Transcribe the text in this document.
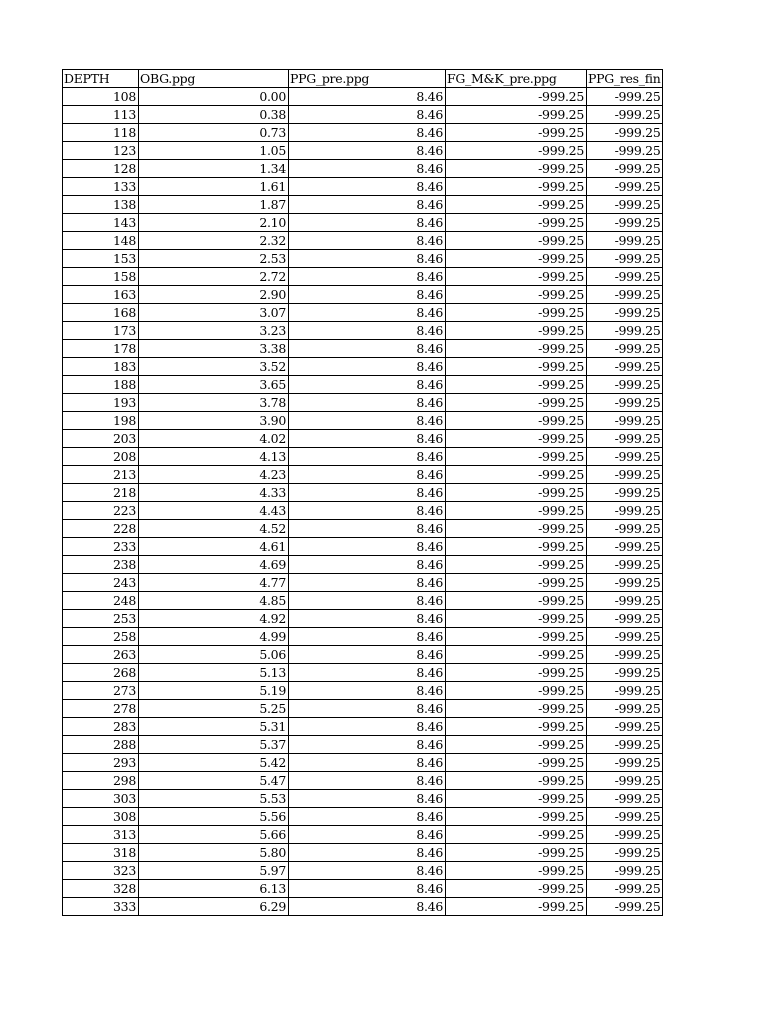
DEPTH	OBG.ppg	PPG_pre.ppg	FG_M&K_pre.ppg	PPG_res_fin
108	0.00	8.46	-999.25	-999.25
113	0.38	8.46	-999.25	-999.25
118	0.73	8.46	-999.25	-999.25
123	1.05	8.46	-999.25	-999.25
128	1.34	8.46	-999.25	-999.25
133	1.61	8.46	-999.25	-999.25
138	1.87	8.46	-999.25	-999.25
143	2.10	8.46	-999.25	-999.25
148	2.32	8.46	-999.25	-999.25
153	2.53	8.46	-999.25	-999.25
158	2.72	8.46	-999.25	-999.25
163	2.90	8.46	-999.25	-999.25
168	3.07	8.46	-999.25	-999.25
173	3.23	8.46	-999.25	-999.25
178	3.38	8.46	-999.25	-999.25
183	3.52	8.46	-999.25	-999.25
188	3.65	8.46	-999.25	-999.25
193	3.78	8.46	-999.25	-999.25
198	3.90	8.46	-999.25	-999.25
203	4.02	8.46	-999.25	-999.25
208	4.13	8.46	-999.25	-999.25
213	4.23	8.46	-999.25	-999.25
218	4.33	8.46	-999.25	-999.25
223	4.43	8.46	-999.25	-999.25
228	4.52	8.46	-999.25	-999.25
233	4.61	8.46	-999.25	-999.25
238	4.69	8.46	-999.25	-999.25
243	4.77	8.46	-999.25	-999.25
248	4.85	8.46	-999.25	-999.25
253	4.92	8.46	-999.25	-999.25
258	4.99	8.46	-999.25	-999.25
263	5.06	8.46	-999.25	-999.25
268	5.13	8.46	-999.25	-999.25
273	5.19	8.46	-999.25	-999.25
278	5.25	8.46	-999.25	-999.25
283	5.31	8.46	-999.25	-999.25
288	5.37	8.46	-999.25	-999.25
293	5.42	8.46	-999.25	-999.25
298	5.47	8.46	-999.25	-999.25
303	5.53	8.46	-999.25	-999.25
308	5.56	8.46	-999.25	-999.25
313	5.66	8.46	-999.25	-999.25
318	5.80	8.46	-999.25	-999.25
323	5.97	8.46	-999.25	-999.25
328	6.13	8.46	-999.25	-999.25
333	6.29	8.46	-999.25	-999.25
